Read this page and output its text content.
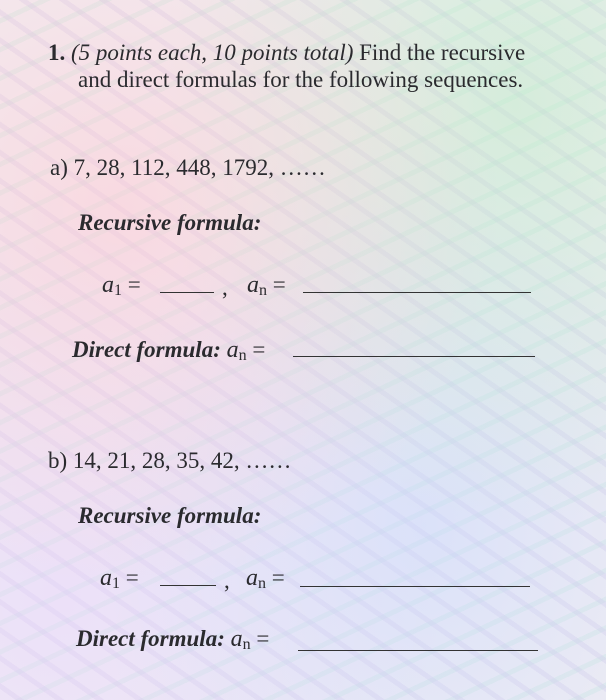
1. (5 points each, 10 points total) Find the recursive
and direct formulas for the following sequences.
a) 7, 28, 112, 448, 1792, ……
Recursive formula:
a1 =	, an =
Direct formula: an =
b) 14, 21, 28, 35, 42, ……
Recursive formula:
a1 =	, an =
Direct formula: an =
